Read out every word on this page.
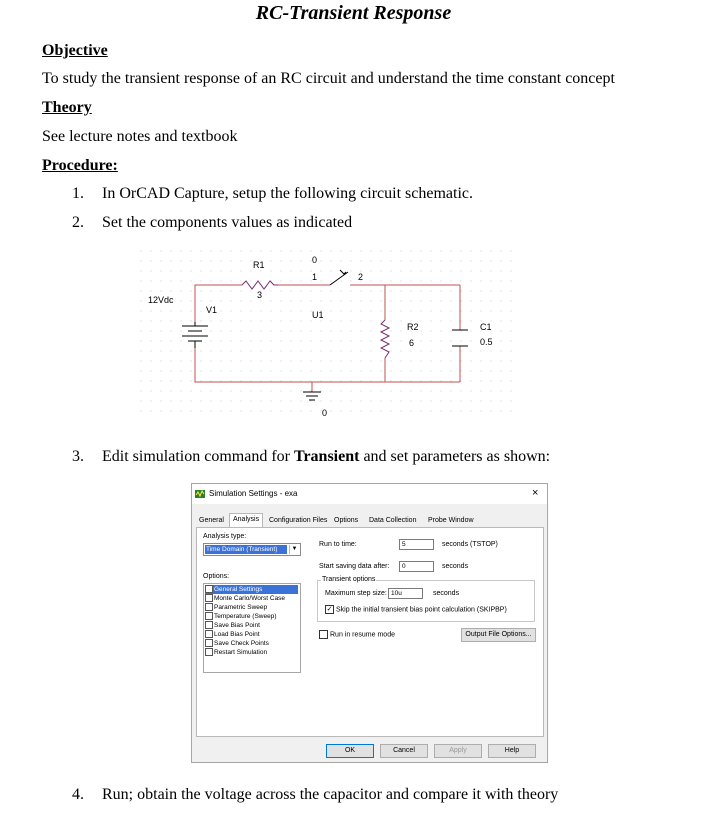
RC-Transient Response
Objective
To study the transient response of an RC circuit and understand the time constant concept
Theory
See lecture notes and textbook
Procedure:
1. In OrCAD Capture, setup the following circuit schematic.
2. Set the components values as indicated
12Vdc
V1
R1
3
0
1	2
U1
R2
6
C1
0.5
0
3. Edit simulation command for Transient and set parameters as shown:
Simulation Settings - exa	×
General	Analysis	Configuration Files Options	Data Collection	Probe Window
Analysis type:
Time Domain (Transient)	▼
Options:
✓ General Settings
Monte Carlo/Worst Case
Parametric Sweep
Temperature (Sweep)
Save Bias Point
Load Bias Point
Save Check Points
Restart Simulation
Run to time:	5	seconds (TSTOP)
Start saving data after:	0	seconds
Transient options
Maximum step size: 10u	seconds
✓ Skip the initial transient bias point calculation (SKIPBP)
Run in resume mode	Output File Options...
OK	Cancel	Apply	Help
4. Run; obtain the voltage across the capacitor and compare it with theory
